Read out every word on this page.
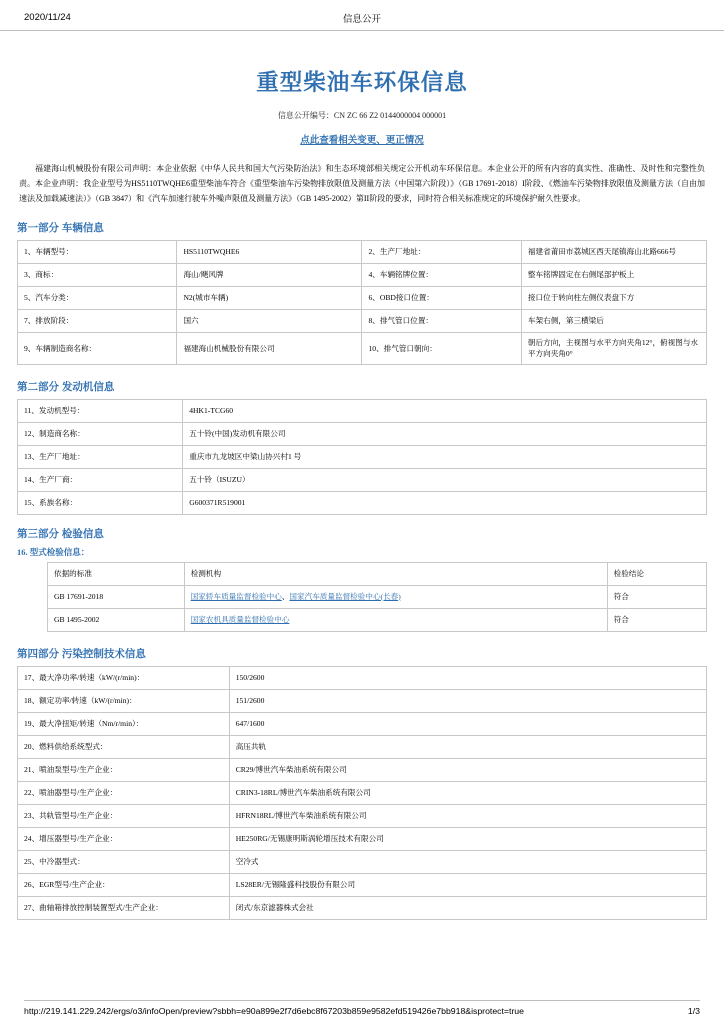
2020/11/24	信息公开
重型柴油车环保信息
信息公开编号：CN ZC 66 Z2 0144000004 000001
点此查看相关变更、更正情况

福建海山机械股份有限公司声明：本企业依据《中华人民共和国大气污染防治法》和生态环境部相关规定公开机动车环保信息。本企业公开的所有内容的真实性、准确性、及时性和完整性负责。本企业声明：我企业型号为HS5110TWQHE6重型柴油车符合《重型柴油车污染物排放限值及测量方法（中国第六阶段）》（GB 17691-2018）I阶段、《燃油车污染物排放限值及测量方法（自由加速法及加载减速法）》（GB 3847）和《汽车加速行驶车外噪声限值及测量方法》（GB 1495-2002）第II阶段的要求，同时符合相关标准规定的环境保护耐久性要求。

第一部分 车辆信息
1、车辆型号：	HS5110TWQHE6	2、生产厂地址：	福建省莆田市荔城区西天尾镇海山北路666号
3、商标：	海山/飓风牌	4、车辆铭牌位置：	整车铭牌固定在右侧尾部护板上
5、汽车分类：	N2(城市车辆)	6、OBD接口位置：	接口位于转向柱左侧仪表盘下方
7、排放阶段：	国六	8、排气管口位置：	车架右侧，第三横梁后
9、车辆制造商名称：	福建海山机械股份有限公司	10、排气管口朝向：	朝后方向，主视图与水平方向夹角12°，俯视图与水平方向夹角0°
第二部分 发动机信息
11、发动机型号：	4HK1-TCG60
12、制造商名称：	五十铃(中国)发动机有限公司
13、生产厂地址：	重庆市九龙坡区中梁山协兴村1 号
14、生产厂商：	五十铃（ISUZU）
15、系族名称：	G600371R519001
第三部分 检验信息
16. 型式检验信息：
依据的标准	检测机构	检验结论
GB 17691-2018	国家轿车质量监督检验中心、国家汽车质量监督检验中心(长春)	符合
GB 1495-2002	国家农机具质量监督检验中心	符合
第四部分 污染控制技术信息
17、最大净功率/转速（kW/(r/min)：	150/2600
18、额定功率/转速（kW/(r/min)：	151/2600
19、最大净扭矩/转速（Nm/r/min）：	647/1600
20、燃料供给系统型式：	高压共轨
21、喷油泵型号/生产企业：	CR29/博世汽车柴油系统有限公司
22、喷油器型号/生产企业：	CRIN3-18RL/博世汽车柴油系统有限公司
23、共轨管型号/生产企业：	HFRN18RL/博世汽车柴油系统有限公司
24、增压器型号/生产企业：	HE250RG/无锡康明斯涡轮增压技术有限公司
25、中冷器型式：	空冷式
26、EGR型号/生产企业：	LS28ER/无锡隆盛科技股份有限公司
27、曲轴箱排放控制装置型式/生产企业：	闭式/东京滤器株式会社
http://219.141.229.242/ergs/o3/infoOpen/preview?sbbh=e90a899e2f7d6ebc8f67203b859e9582efd519426e7bb918&isprotect=true	1/3
